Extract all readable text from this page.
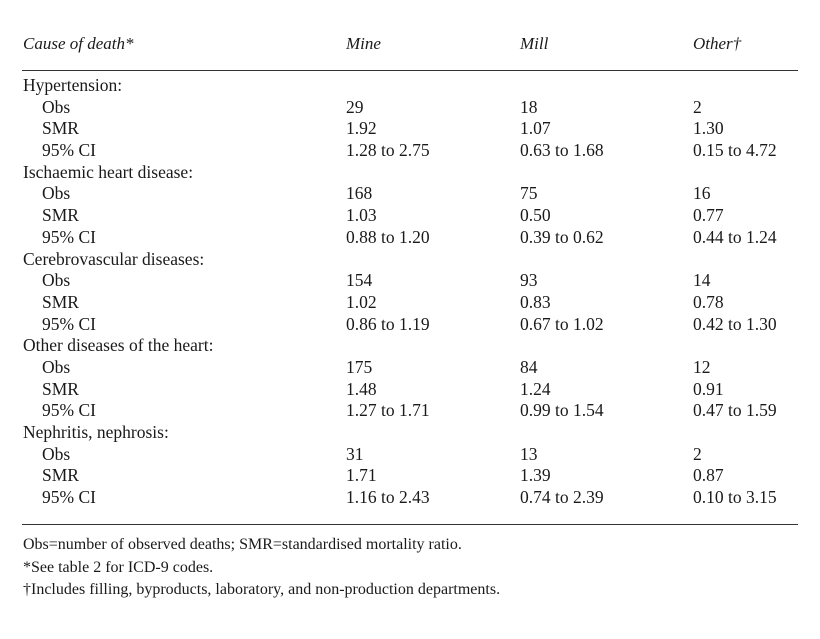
Cause of death*	Mine	Mill	Other†
Hypertension:
Obs	29	18	2
SMR	1.92	1.07	1.30
95% CI	1.28 to 2.75	0.63 to 1.68	0.15 to 4.72
Ischaemic heart disease:
Obs	168	75	16
SMR	1.03	0.50	0.77
95% CI	0.88 to 1.20	0.39 to 0.62	0.44 to 1.24
Cerebrovascular diseases:
Obs	154	93	14
SMR	1.02	0.83	0.78
95% CI	0.86 to 1.19	0.67 to 1.02	0.42 to 1.30
Other diseases of the heart:
Obs	175	84	12
SMR	1.48	1.24	0.91
95% CI	1.27 to 1.71	0.99 to 1.54	0.47 to 1.59
Nephritis, nephrosis:
Obs	31	13	2
SMR	1.71	1.39	0.87
95% CI	1.16 to 2.43	0.74 to 2.39	0.10 to 3.15
Obs=number of observed deaths; SMR=standardised mortality ratio.
*See table 2 for ICD-9 codes.
†Includes filling, byproducts, laboratory, and non-production departments.
